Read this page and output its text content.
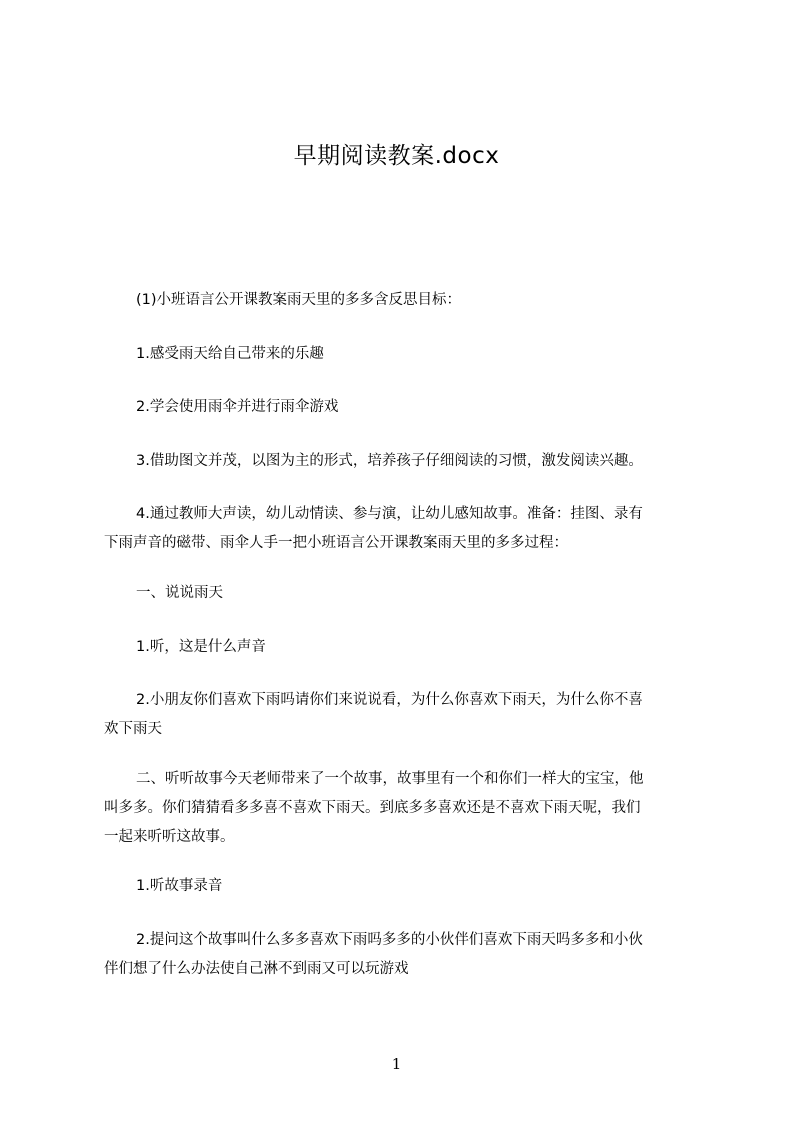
早期阅读教案.docx
(1)小班语言公开课教案雨天里的多多含反思目标：
1.感受雨天给自己带来的乐趣
2.学会使用雨伞并进行雨伞游戏
3.借助图文并茂，以图为主的形式，培养孩子仔细阅读的习惯，激发阅读兴趣。
4.通过教师大声读，幼儿动情读、参与演，让幼儿感知故事。准备：挂图、录有
下雨声音的磁带、雨伞人手一把小班语言公开课教案雨天里的多多过程：
一、说说雨天
1.听，这是什么声音
2.小朋友你们喜欢下雨吗请你们来说说看，为什么你喜欢下雨天，为什么你不喜
欢下雨天
二、听听故事今天老师带来了一个故事，故事里有一个和你们一样大的宝宝，他
叫多多。你们猜猜看多多喜不喜欢下雨天。到底多多喜欢还是不喜欢下雨天呢，我们
一起来听听这故事。
1.听故事录音
2.提问这个故事叫什么多多喜欢下雨吗多多的小伙伴们喜欢下雨天吗多多和小伙
伴们想了什么办法使自己淋不到雨又可以玩游戏
1
